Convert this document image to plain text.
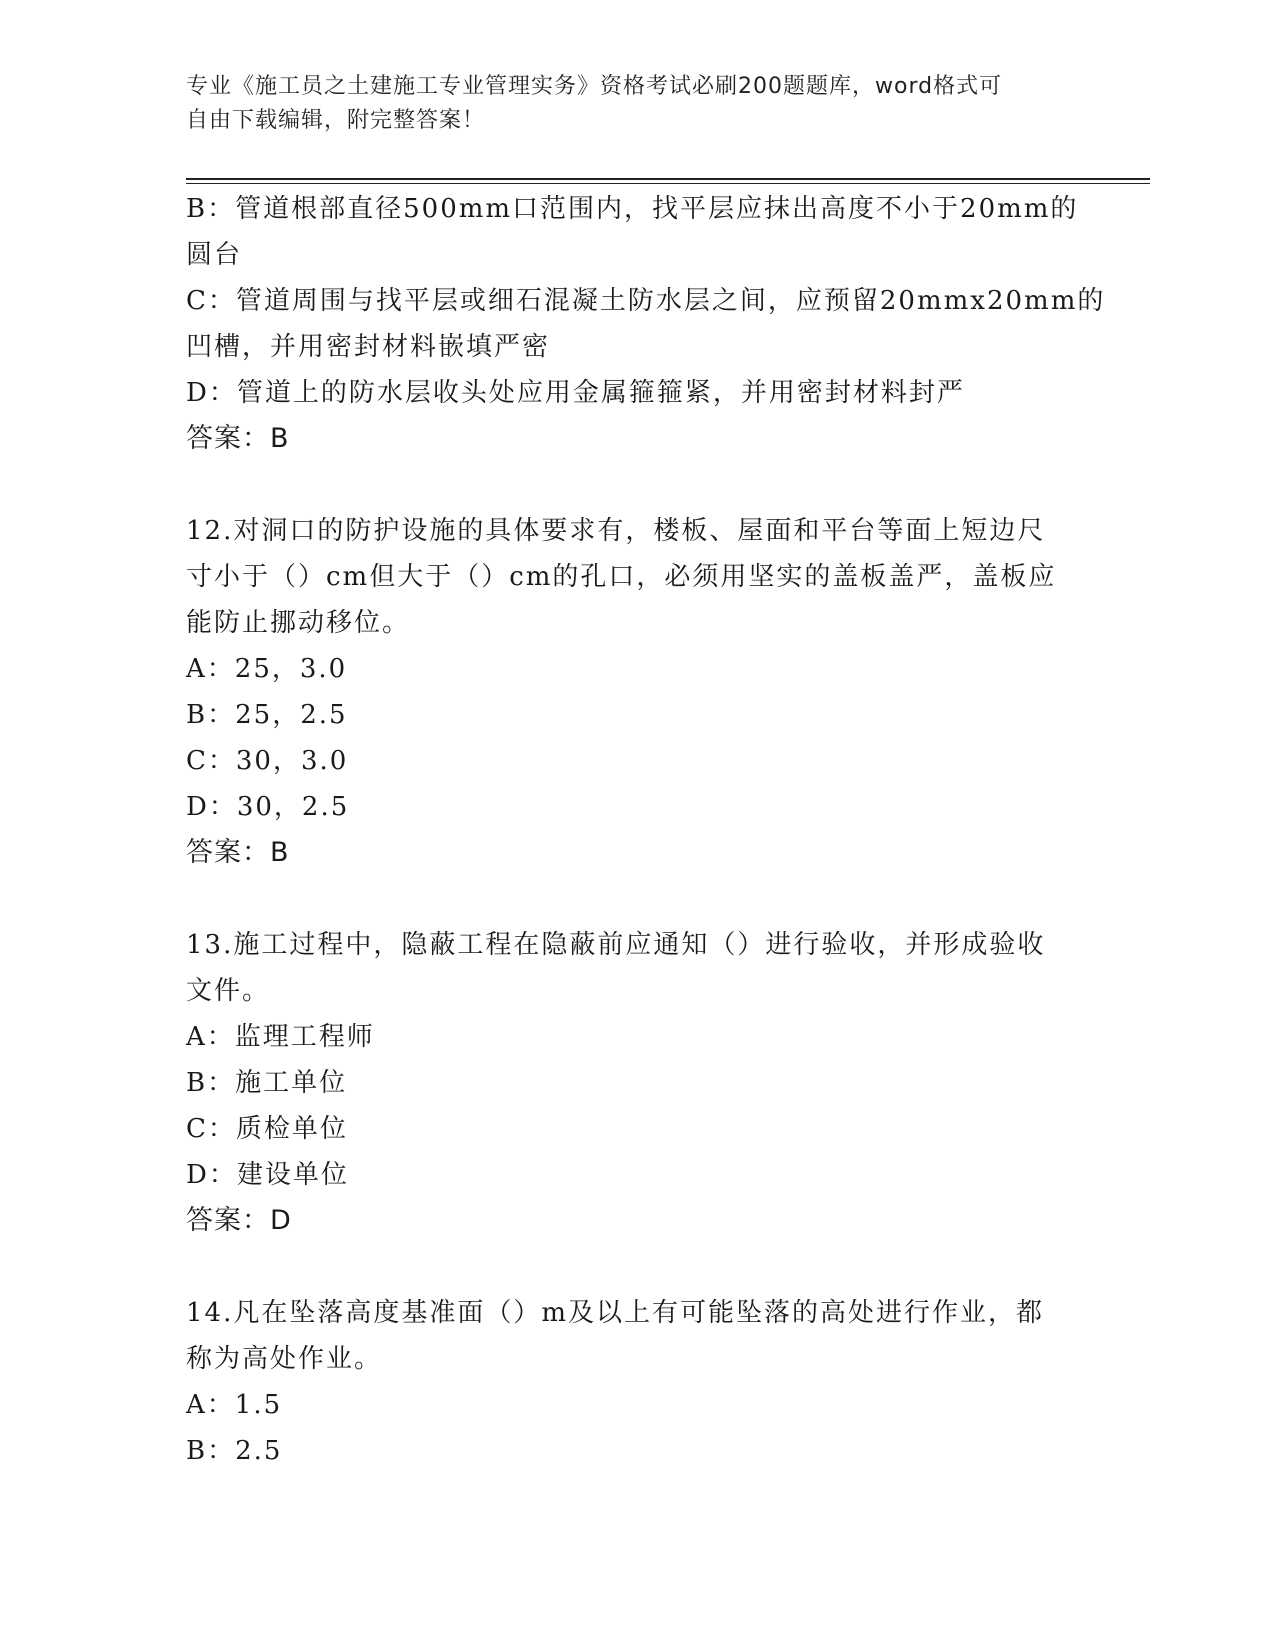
专业《施工员之土建施工专业管理实务》资格考试必刷200题题库，word格式可
自由下载编辑，附完整答案！
B：管道根部直径500mm口范围内，找平层应抹出高度不小于20mm的
圆台
C：管道周围与找平层或细石混凝土防水层之间，应预留20mmx20mm的
凹槽，并用密封材料嵌填严密
D：管道上的防水层收头处应用金属箍箍紧，并用密封材料封严
答案：B
12.对洞口的防护设施的具体要求有，楼板、屋面和平台等面上短边尺
寸小于（）cm但大于（）cm的孔口，必须用坚实的盖板盖严，盖板应
能防止挪动移位。
A：25，3.0
B：25，2.5
C：30，3.0
D：30，2.5
答案：B
13.施工过程中，隐蔽工程在隐蔽前应通知（）进行验收，并形成验收
文件。
A：监理工程师
B：施工单位
C：质检单位
D：建设单位
答案：D
14.凡在坠落高度基准面（）m及以上有可能坠落的高处进行作业，都
称为高处作业。
A：1.5
B：2.5
